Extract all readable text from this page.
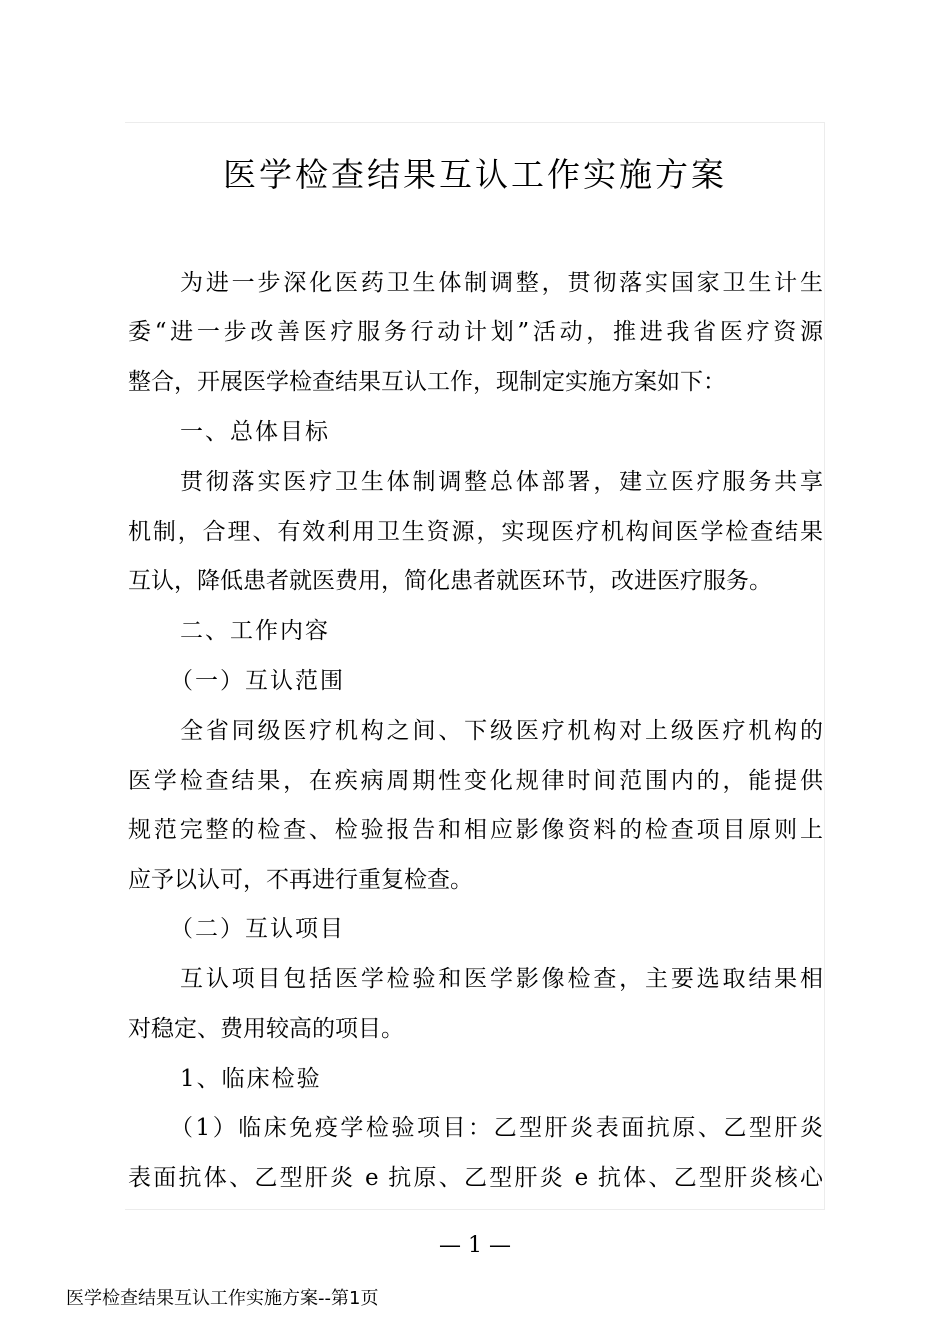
医学检查结果互认工作实施方案
为进一步深化医药卫生体制调整，贯彻落实国家卫生计生
委“进一步改善医疗服务行动计划”活动，推进我省医疗资源
整合，开展医学检查结果互认工作，现制定实施方案如下：
一、总体目标
贯彻落实医疗卫生体制调整总体部署，建立医疗服务共享
机制，合理、有效利用卫生资源，实现医疗机构间医学检查结果
互认，降低患者就医费用，简化患者就医环节，改进医疗服务。
二、工作内容
（一）互认范围
全省同级医疗机构之间、下级医疗机构对上级医疗机构的
医学检查结果，在疾病周期性变化规律时间范围内的，能提供
规范完整的检查、检验报告和相应影像资料的检查项目原则上
应予以认可，不再进行重复检查。
（二）互认项目
互认项目包括医学检验和医学影像检查，主要选取结果相
对稳定、费用较高的项目。
1、临床检验
（1）临床免疫学检验项目：乙型肝炎表面抗原、乙型肝炎
表面抗体、乙型肝炎 e 抗原、乙型肝炎 e 抗体、乙型肝炎核心
— 1 —
医学检查结果互认工作实施方案--第1页
